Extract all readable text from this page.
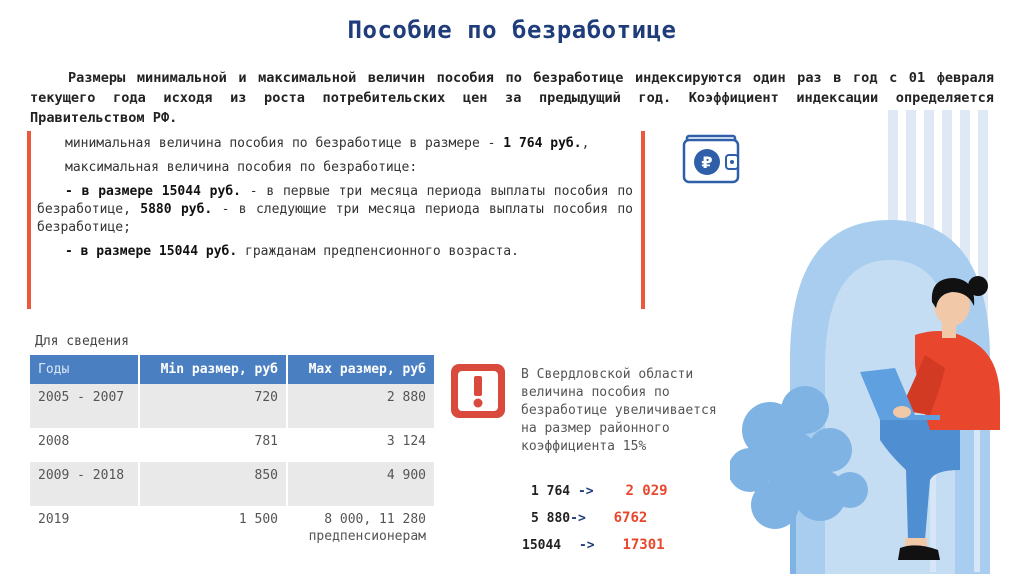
Пособие по безработице
Размеры минимальной и максимальной величин пособия по безработице индексируются один раз в год с 01 февраля текущего года исходя из роста потребительских цен за предыдущий год. Коэффициент индексации определяется Правительством РФ.

минимальная величина пособия по безработице в размере - 1 764 руб.,

максимальная величина пособия по безработице:

- в размере 15044 руб. - в первые три месяца периода выплаты пособия по безработице, 5880 руб. - в следующие три месяца периода выплаты пособия по безработице;

- в размере 15044 руб. гражданам предпенсионного возраста.

₽
Для сведения
Годы	Min размер, руб	Max размер, руб
2005 - 2007	720	2 880
2008	781	3 124
2009 - 2018	850	4 900
2019	1 500	8 000, 11 280 предпенсионерам
В Свердловской области величина пособия по безработице увеличивается на размер районного коэффициента 15%
1 764 -> 2 029
5 880-> 6762
15044 -> 17301
